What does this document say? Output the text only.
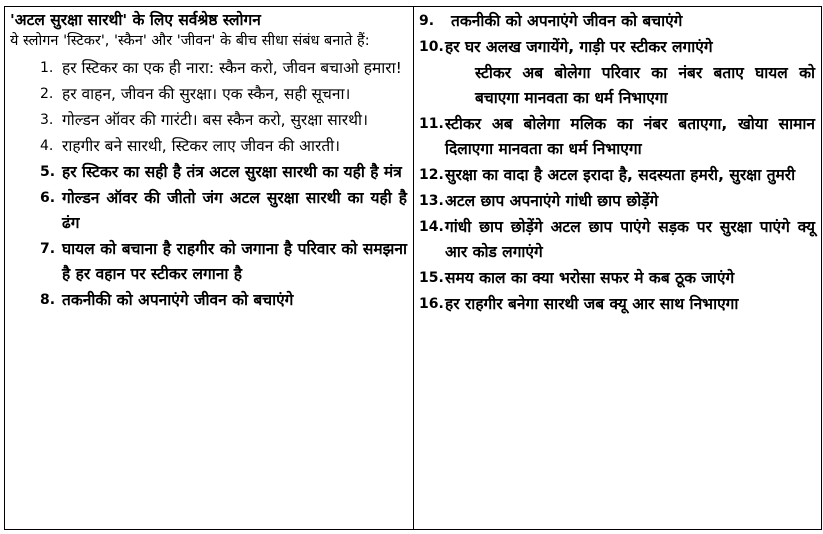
'अटल सुरक्षा सारथी' के लिए सर्वश्रेष्ठ स्लोगन
ये स्लोगन 'स्टिकर', 'स्कैन' और 'जीवन' के बीच सीधा संबंध बनाते हैं:
1. हर स्टिकर का एक ही नारा: स्कैन करो, जीवन बचाओ हमारा!
2. हर वाहन, जीवन की सुरक्षा। एक स्कैन, सही सूचना।
3. गोल्डन ऑवर की गारंटी। बस स्कैन करो, सुरक्षा सारथी।
4. राहगीर बने सारथी, स्टिकर लाए जीवन की आरती।
5. हर स्टिकर का सही है तंत्र अटल सुरक्षा सारथी का यही है मंत्र
6. गोल्डन ऑवर की जीतो जंग अटल सुरक्षा सारथी का यही है ढंग
7. घायल को बचाना है राहगीर को जगाना है परिवार को समझना है हर वहान पर स्टीकर लगाना है
8. तकनीकी को अपनाएंगे जीवन को बचाएंगे

9.	तकनीकी को अपनाएंगे जीवन को बचाएंगे
10. हर घर अलख जगायेंगे, गाड़ी पर स्टीकर लगाएंगे
स्टीकर अब बोलेगा परिवार का नंबर बताए घायल को बचाएगा मानवता का धर्म निभाएगा
11. स्टीकर अब बोलेगा मलिक का नंबर बताएगा, खोया सामान दिलाएगा मानवता का धर्म निभाएगा
12. सुरक्षा का वादा है अटल इरादा है, सदस्यता हमरी, सुरक्षा तुमरी
13. अटल छाप अपनाएंगे गांधी छाप छोड़ेंगे
14. गांधी छाप छोड़ेंगे अटल छाप पाएंगे सड़क पर सुरक्षा पाएंगे क्यू आर कोड लगाएंगे
15. समय काल का क्या भरोसा सफर मे कब ठूक जाएंगे
16. हर राहगीर बनेगा सारथी जब क्यू आर साथ निभाएगा
